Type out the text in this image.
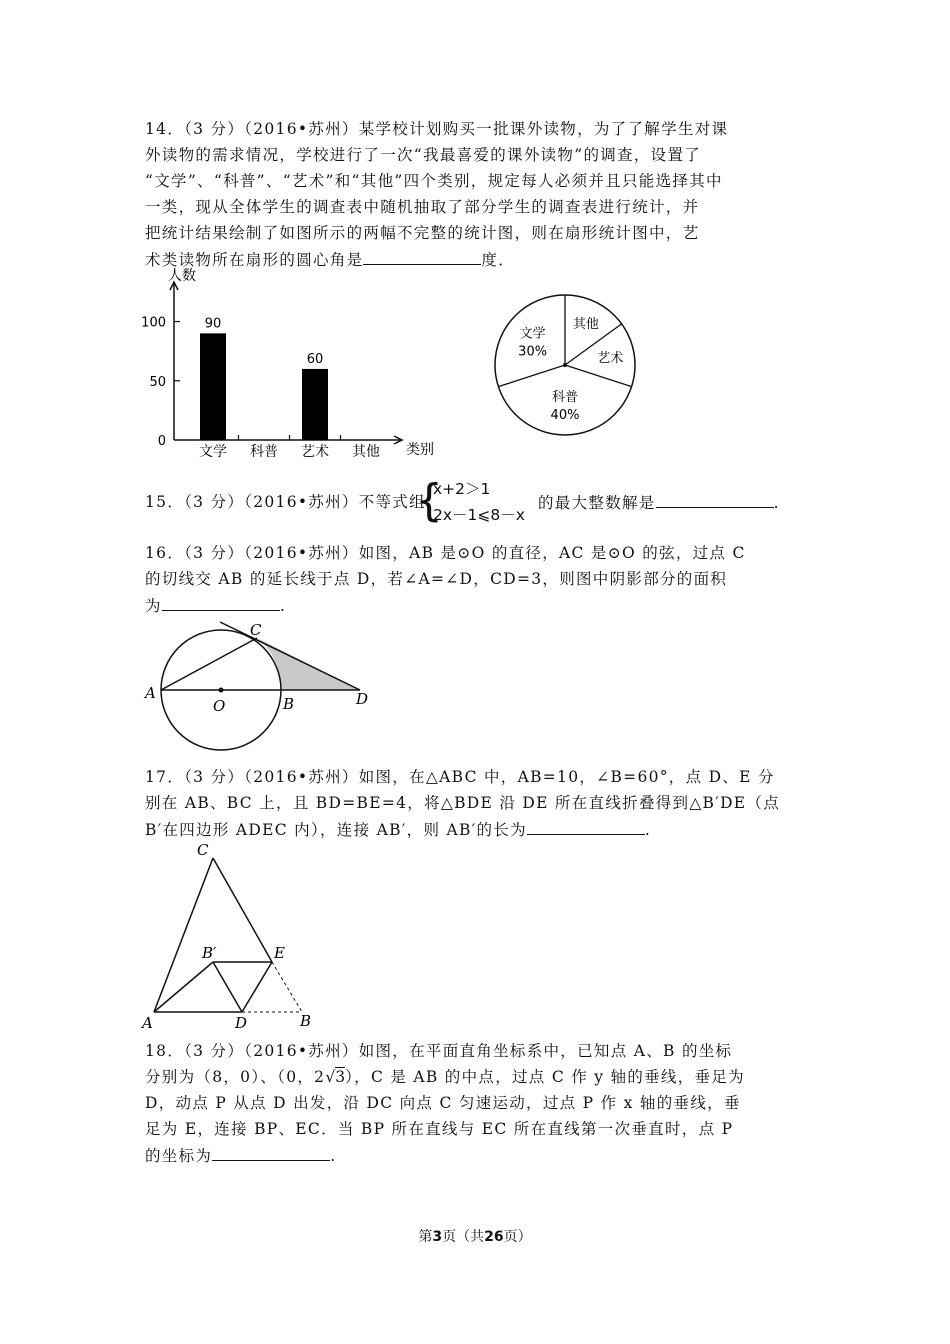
14．（3 分）（2016•苏州）某学校计划购买一批课外读物，为了了解学生对课

外读物的需求情况，学校进行了一次“我最喜爱的课外读物”的调查，设置了

“文学”、“科普”、“艺术”和“其他”四个类别，规定每人必须并且只能选择其中

一类，现从全体学生的调查表中随机抽取了部分学生的调查表进行统计，并

把统计结果绘制了如图所示的两幅不完整的统计图，则在扇形统计图中，艺

术类读物所在扇形的圆心角是	度．

人数
类别
0
50
100
文学
90
科普 艺术
60
其他
文学
30%
其他
艺术
科普
40%
15．（3 分）（2016•苏州）不等式组
{
x+2＞1
2x－1⩽8－x
的最大整数解是	.

16．（3 分）（2016•苏州）如图，AB 是⊙O 的直径，AC 是⊙O 的弦，过点 C

的切线交 AB 的延长线于点 D，若∠A=∠D，CD=3，则图中阴影部分的面积

为	.

A
O	B
C
D

17．（3 分）（2016•苏州）如图，在△ABC 中，AB=10，∠B=60°，点 D、E 分

别在 AB、BC 上，且 BD=BE=4，将△BDE 沿 DE 所在直线折叠得到△B′DE（点

B′在四边形 ADEC 内），连接 AB′，则 AB′的长为	.

C
B′	E
A	D	B

18．（3 分）（2016•苏州）如图，在平面直角坐标系中，已知点 A、B 的坐标

分别为（8，0）、（0，2√3），C 是 AB 的中点，过点 C 作 y 轴的垂线，垂足为

D，动点 P 从点 D 出发，沿 DC 向点 C 匀速运动，过点 P 作 x 轴的垂线，垂

足为 E，连接 BP、EC．当 BP 所在直线与 EC 所在直线第一次垂直时，点 P

的坐标为	.

第3页（共26页）
